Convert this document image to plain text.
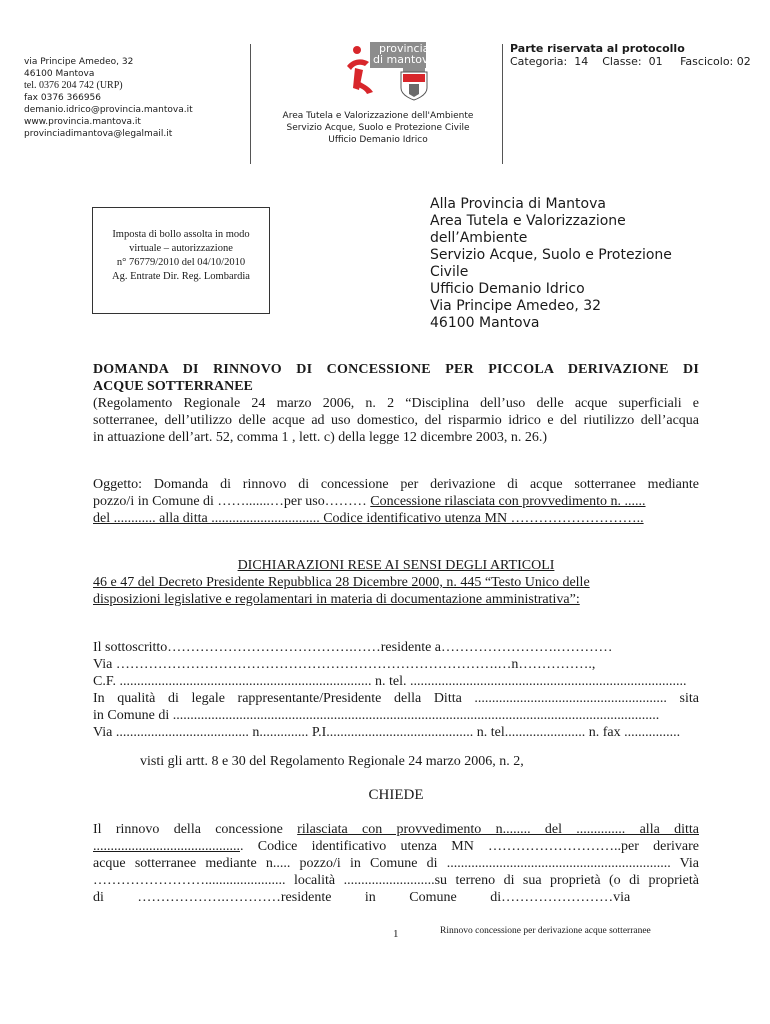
via Principe Amedeo, 32
46100 Mantova
tel. 0376 204 742 (URP)
fax 0376 366956
demanio.idrico@provincia.mantova.it
www.provincia.mantova.it
provinciadimantova@legalmail.it
provincia
di mantova
Area Tutela e Valorizzazione dell'Ambiente
Servizio Acque, Suolo e Protezione Civile
Ufficio Demanio Idrico
Parte riservata al protocollo
Categoria:  14    Classe:  01     Fascicolo: 02
Imposta di bollo assolta in modo
virtuale – autorizzazione
n° 76779/2010 del 04/10/2010
Ag. Entrate Dir. Reg. Lombardia
Alla Provincia di Mantova
Area Tutela e Valorizzazione
dell’Ambiente
Servizio Acque, Suolo e Protezione
Civile
Ufficio Demanio Idrico
Via Principe Amedeo, 32
46100 Mantova
DOMANDA DI RINNOVO DI CONCESSIONE PER PICCOLA DERIVAZIONE DI
ACQUE SOTTERRANEE
(Regolamento Regionale 24 marzo 2006, n. 2 “Disciplina dell’uso delle acque superficiali e
sotterranee, dell’utilizzo delle acque ad uso domestico, del risparmio idrico e del riutilizzo dell’acqua
in attuazione dell’art. 52, comma 1 , lett. c) della legge 12 dicembre 2003, n. 26.)
Oggetto: Domanda di rinnovo di concessione per derivazione di acque sotterranee mediante
pozzo/i in Comune di …….......…per uso……… Concessione rilasciata con provvedimento n. ......
del ............ alla ditta ............................... Codice identificativo utenza MN ………………………..
DICHIARAZIONI RESE AI SENSI DEGLI ARTICOLI
46 e 47 del Decreto Presidente Repubblica 28 Dicembre 2000, n. 445 “Testo Unico delle
disposizioni legislative e regolamentari in materia di documentazione amministrativa”:
Il sottoscritto………………………………….……residente a…………………….…………
Via ……………………………………………………………………….…n…………….,
C.F. ........................................................................ n. tel. ...............................................................................
In qualità di legale rappresentante/Presidente della Ditta ....................................................... sita
in Comune di ...........................................................................................................................................
Via ...................................... n.............. P.I.......................................... n. tel....................... n. fax ................
visti gli artt. 8 e 30 del Regolamento Regionale 24 marzo 2006, n. 2,
CHIEDE
Il rinnovo della concessione rilasciata con provvedimento n........ del .............. alla ditta
........................................... Codice identificativo utenza MN ………………………..per derivare
acque sotterranee mediante n..... pozzo/i in Comune di ................................................................ Via
……………………....................... località ..........................su terreno di sua proprietà (o di proprietà
di ……………….…………residente in Comune di……………………via
1	Rinnovo concessione per derivazione acque sotterranee
